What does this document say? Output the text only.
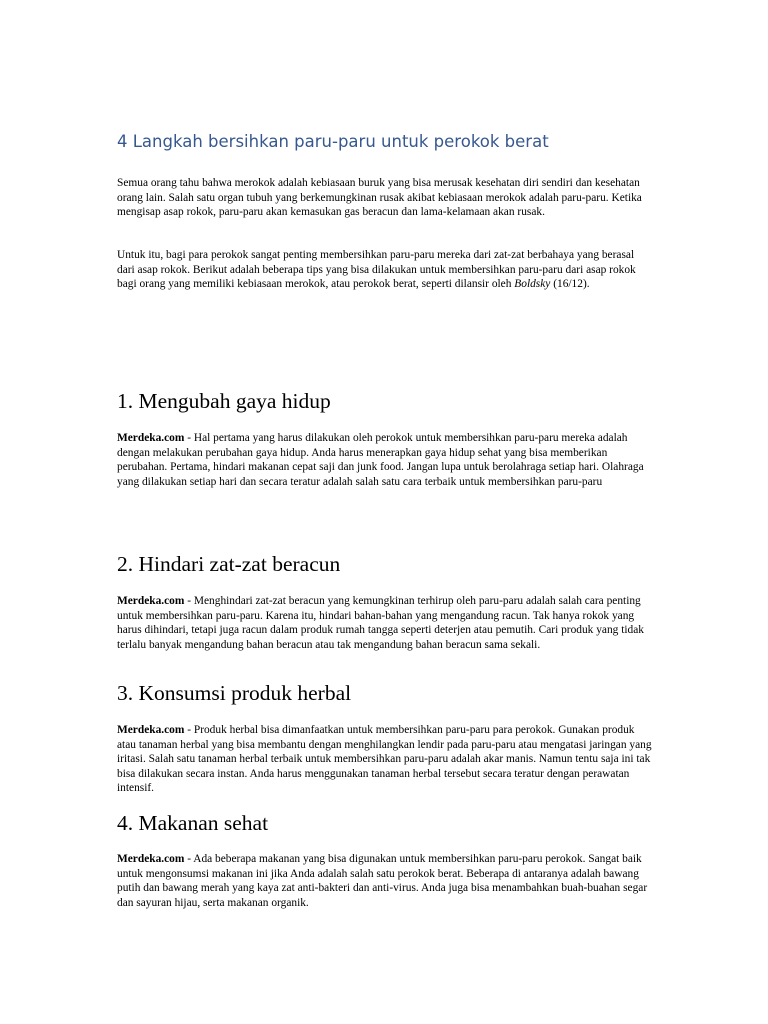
4 Langkah bersihkan paru-paru untuk perokok berat

Semua orang tahu bahwa merokok adalah kebiasaan buruk yang bisa merusak kesehatan diri sendiri dan kesehatan orang lain. Salah satu organ tubuh yang berkemungkinan rusak akibat kebiasaan merokok adalah paru-paru. Ketika mengisap asap rokok, paru-paru akan kemasukan gas beracun dan lama-kelamaan akan rusak.

Untuk itu, bagi para perokok sangat penting membersihkan paru-paru mereka dari zat-zat berbahaya yang berasal dari asap rokok. Berikut adalah beberapa tips yang bisa dilakukan untuk membersihkan paru-paru dari asap rokok bagi orang yang memiliki kebiasaan merokok, atau perokok berat, seperti dilansir oleh Boldsky (16/12).

1. Mengubah gaya hidup

Merdeka.com - Hal pertama yang harus dilakukan oleh perokok untuk membersihkan paru-paru mereka adalah dengan melakukan perubahan gaya hidup. Anda harus menerapkan gaya hidup sehat yang bisa memberikan perubahan. Pertama, hindari makanan cepat saji dan junk food. Jangan lupa untuk berolahraga setiap hari. Olahraga yang dilakukan setiap hari dan secara teratur adalah salah satu cara terbaik untuk membersihkan paru-paru

2. Hindari zat-zat beracun

Merdeka.com - Menghindari zat-zat beracun yang kemungkinan terhirup oleh paru-paru adalah salah cara penting untuk membersihkan paru-paru. Karena itu, hindari bahan-bahan yang mengandung racun. Tak hanya rokok yang harus dihindari, tetapi juga racun dalam produk rumah tangga seperti deterjen atau pemutih. Cari produk yang tidak terlalu banyak mengandung bahan beracun atau tak mengandung bahan beracun sama sekali.

3. Konsumsi produk herbal

Merdeka.com - Produk herbal bisa dimanfaatkan untuk membersihkan paru-paru para perokok. Gunakan produk atau tanaman herbal yang bisa membantu dengan menghilangkan lendir pada paru-paru atau mengatasi jaringan yang iritasi. Salah satu tanaman herbal terbaik untuk membersihkan paru-paru adalah akar manis. Namun tentu saja ini tak bisa dilakukan secara instan. Anda harus menggunakan tanaman herbal tersebut secara teratur dengan perawatan intensif.

4. Makanan sehat

Merdeka.com - Ada beberapa makanan yang bisa digunakan untuk membersihkan paru-paru perokok. Sangat baik untuk mengonsumsi makanan ini jika Anda adalah salah satu perokok berat. Beberapa di antaranya adalah bawang putih dan bawang merah yang kaya zat anti-bakteri dan anti-virus. Anda juga bisa menambahkan buah-buahan segar dan sayuran hijau, serta makanan organik.
